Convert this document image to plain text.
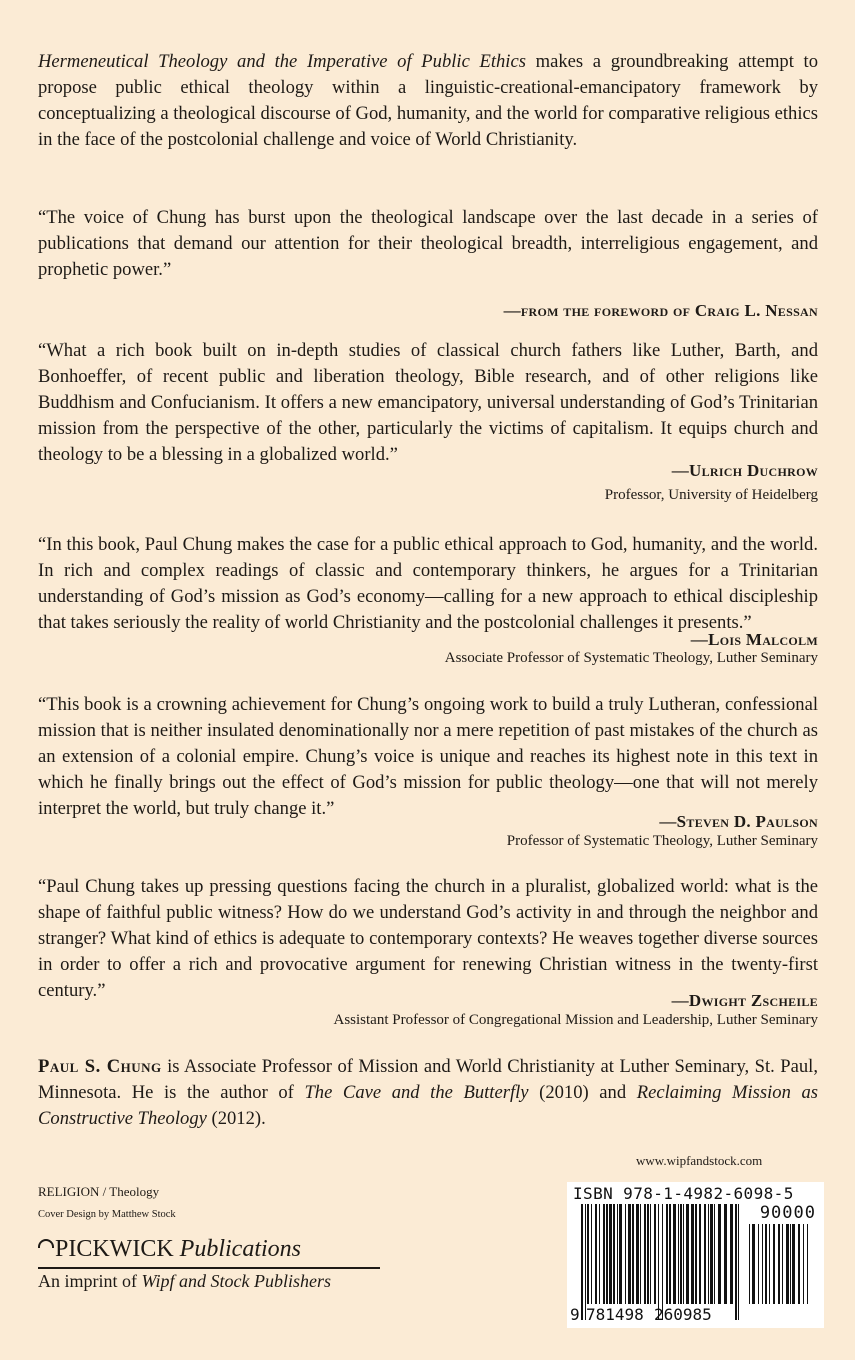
Hermeneutical Theology and the Imperative of Public Ethics makes a groundbreaking attempt to propose public ethical theology within a linguistic-creational-emancipatory framework by conceptualizing a theological discourse of God, humanity, and the world for comparative religious ethics in the face of the postcolonial challenge and voice of World Christianity.
“The voice of Chung has burst upon the theological landscape over the last decade in a series of publications that demand our attention for their theological breadth, interreligious engagement, and prophetic power.”
—from the foreword of Craig L. Nessan
“What a rich book built on in-depth studies of classical church fathers like Luther, Barth, and Bonhoeffer, of recent public and liberation theology, Bible research, and of other religions like Buddhism and Confucianism. It offers a new emancipatory, universal understanding of God’s Trinitarian mission from the perspective of the other, particularly the victims of capitalism. It equips church and theology to be a blessing in a globalized world.”
—Ulrich Duchrow
Professor, University of Heidelberg
“In this book, Paul Chung makes the case for a public ethical approach to God, humanity, and the world. In rich and complex readings of classic and contemporary thinkers, he argues for a Trinitarian understanding of God’s mission as God’s economy—calling for a new approach to ethical discipleship that takes seriously the reality of world Christianity and the postcolonial challenges it presents.”
—Lois Malcolm
Associate Professor of Systematic Theology, Luther Seminary
“This book is a crowning achievement for Chung’s ongoing work to build a truly Lutheran, confessional mission that is neither insulated denominationally nor a mere repetition of past mistakes of the church as an extension of a colonial empire. Chung’s voice is unique and reaches its highest note in this text in which he finally brings out the effect of God’s mission for public theology—one that will not merely interpret the world, but truly change it.”
—Steven D. Paulson
Professor of Systematic Theology, Luther Seminary
“Paul Chung takes up pressing questions facing the church in a pluralist, globalized world: what is the shape of faithful public witness? How do we understand God’s activity in and through the neighbor and stranger? What kind of ethics is adequate to contemporary contexts? He weaves together diverse sources in order to offer a rich and provocative argument for renewing Christian witness in the twenty-first century.”	—Dwight Zscheile
Assistant Professor of Congregational Mission and Leadership, Luther Seminary
Paul S. Chung is Associate Professor of Mission and World Christianity at Luther Seminary, St. Paul, Minnesota. He is the author of The Cave and the Butterfly (2010) and Reclaiming Mission as Constructive Theology (2012).
www.wipfandstock.com
RELIGION / Theology
Cover Design by Matthew Stock
PICKWICK Publications
An imprint of Wipf and Stock Publishers
ISBN 978-1-4982-6098-5
90000
9 781498 260985
